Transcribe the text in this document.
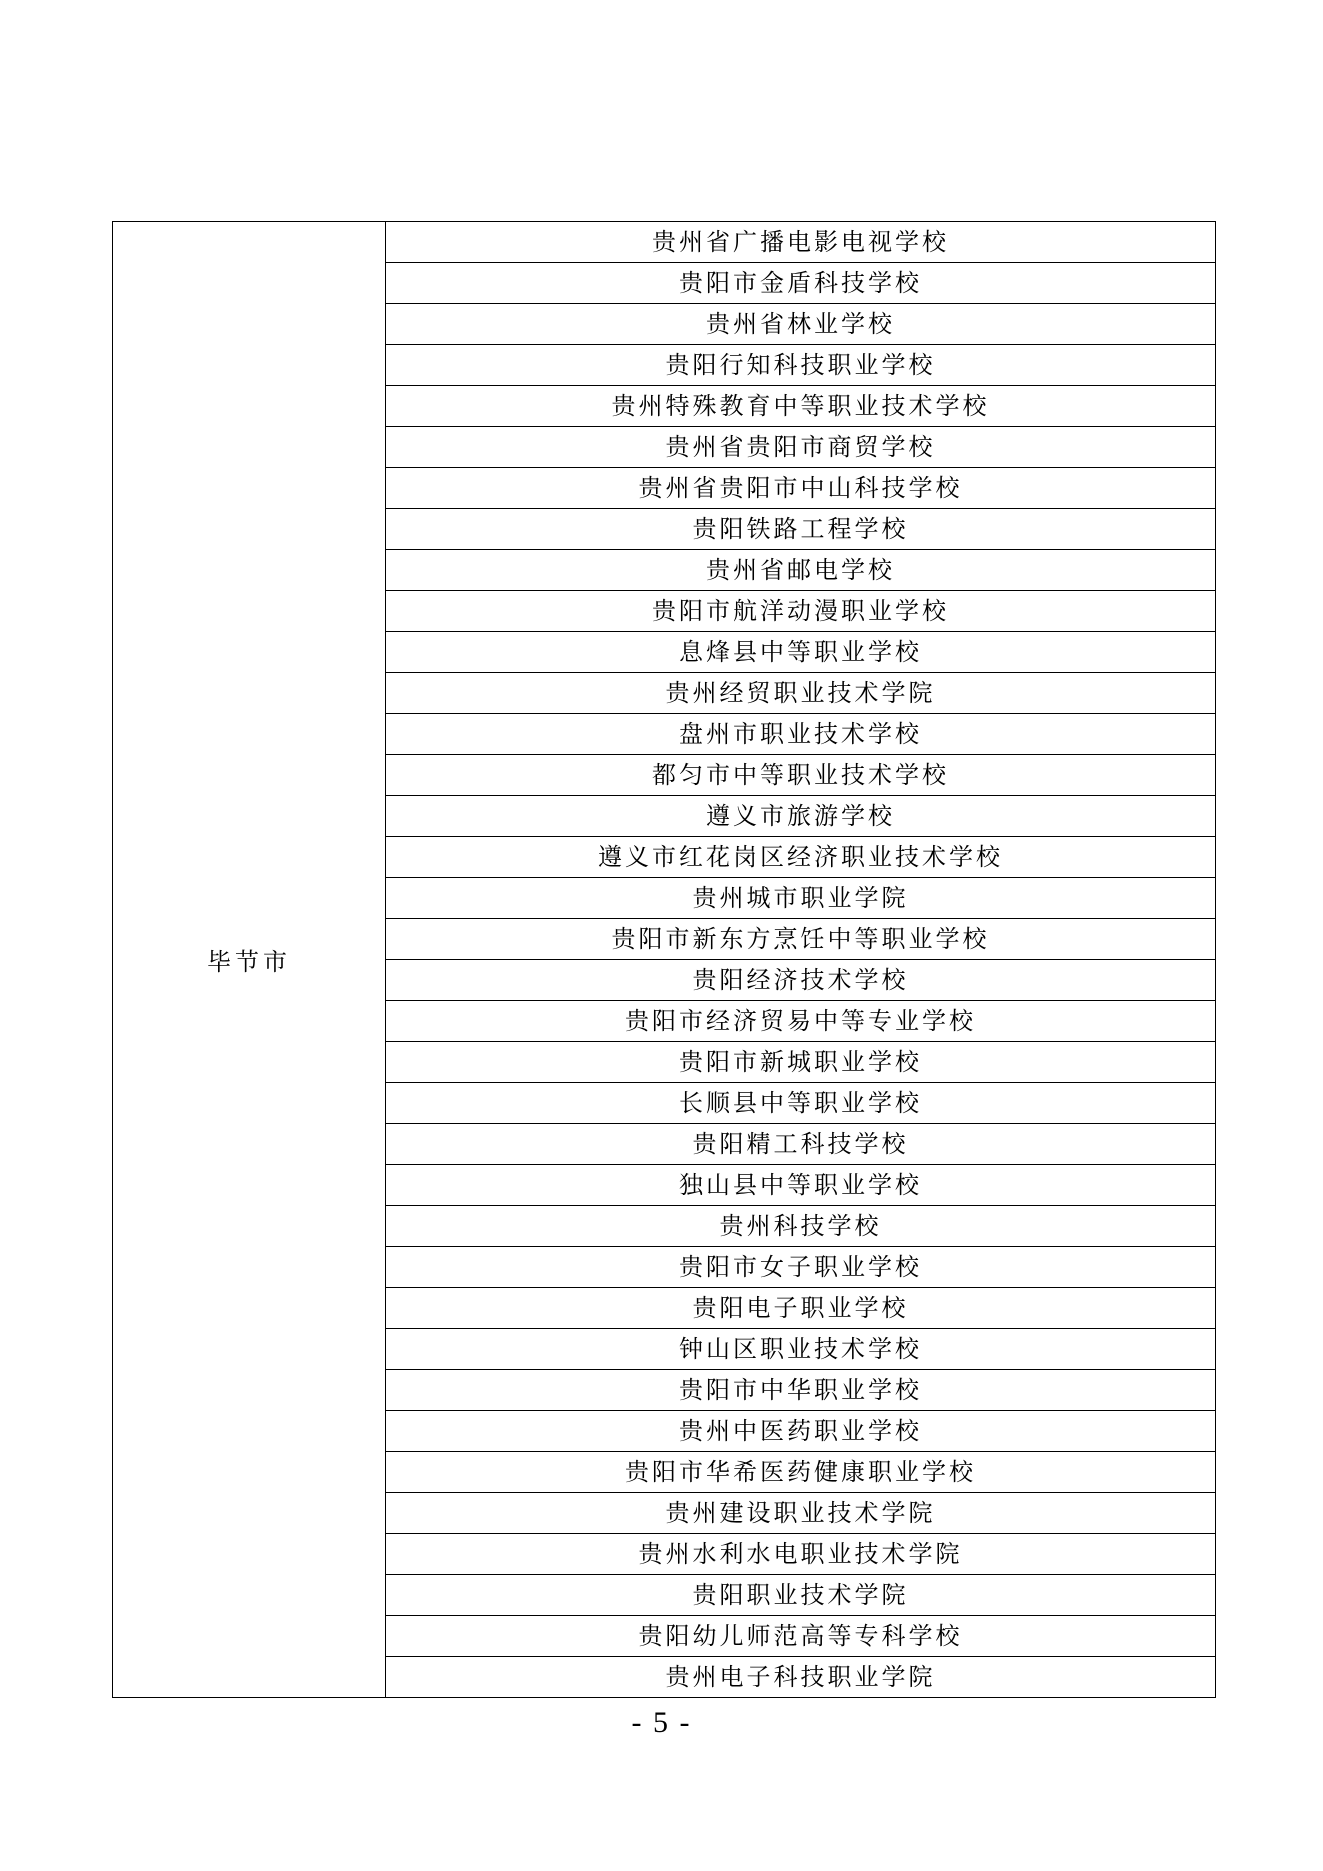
毕节市	贵州省广播电影电视学校
贵阳市金盾科技学校
贵州省林业学校
贵阳行知科技职业学校
贵州特殊教育中等职业技术学校
贵州省贵阳市商贸学校
贵州省贵阳市中山科技学校
贵阳铁路工程学校
贵州省邮电学校
贵阳市航洋动漫职业学校
息烽县中等职业学校
贵州经贸职业技术学院
盘州市职业技术学校
都匀市中等职业技术学校
遵义市旅游学校
遵义市红花岗区经济职业技术学校
贵州城市职业学院
贵阳市新东方烹饪中等职业学校
贵阳经济技术学校
贵阳市经济贸易中等专业学校
贵阳市新城职业学校
长顺县中等职业学校
贵阳精工科技学校
独山县中等职业学校
贵州科技学校
贵阳市女子职业学校
贵阳电子职业学校
钟山区职业技术学校
贵阳市中华职业学校
贵州中医药职业学校
贵阳市华希医药健康职业学校
贵州建设职业技术学院
贵州水利水电职业技术学院
贵阳职业技术学院
贵阳幼儿师范高等专科学校
贵州电子科技职业学院
- 5 -
